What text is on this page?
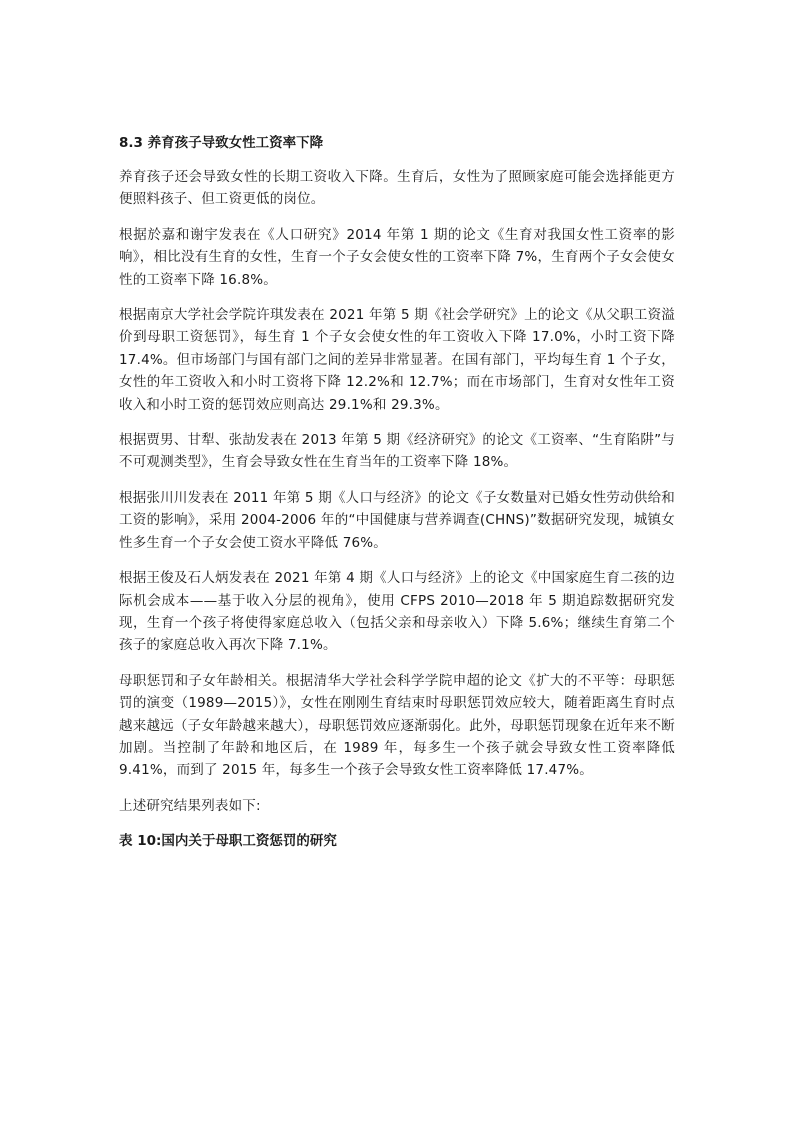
8.3 养育孩子导致女性工资率下降

养育孩子还会导致女性的长期工资收入下降。生育后，女性为了照顾家庭可能会选择能更方便照料孩子、但工资更低的岗位。

根据於嘉和谢宇发表在《人口研究》2014 年第 1 期的论文《生育对我国女性工资率的影响》，相比没有生育的女性，生育一个子女会使女性的工资率下降 7%，生育两个子女会使女性的工资率下降 16.8%。

根据南京大学社会学院许琪发表在 2021 年第 5 期《社会学研究》上的论文《从父职工资溢价到母职工资惩罚》，每生育 1 个子女会使女性的年工资收入下降 17.0%，小时工资下降 17.4%。但市场部门与国有部门之间的差异非常显著。在国有部门，平均每生育 1 个子女，女性的年工资收入和小时工资将下降 12.2%和 12.7%；而在市场部门，生育对女性年工资收入和小时工资的惩罚效应则高达 29.1%和 29.3%。

根据贾男、甘犁、张劼发表在 2013 年第 5 期《经济研究》的论文《工资率、“生育陷阱”与不可观测类型》，生育会导致女性在生育当年的工资率下降 18%。

根据张川川发表在 2011 年第 5 期《人口与经济》的论文《子女数量对已婚女性劳动供给和工资的影响》，采用 2004-2006 年的“中国健康与营养调查(CHNS)”数据研究发现，城镇女性多生育一个子女会使工资水平降低 76%。

根据王俊及石人炳发表在 2021 年第 4 期《人口与经济》上的论文《中国家庭生育二孩的边际机会成本——基于收入分层的视角》，使用 CFPS 2010—2018 年 5 期追踪数据研究发现，生育一个孩子将使得家庭总收入（包括父亲和母亲收入）下降 5.6%；继续生育第二个孩子的家庭总收入再次下降 7.1%。

母职惩罚和子女年龄相关。根据清华大学社会科学学院申超的论文《扩大的不平等：母职惩罚的演变（1989—2015）》，女性在刚刚生育结束时母职惩罚效应较大，随着距离生育时点越来越远（子女年龄越来越大），母职惩罚效应逐渐弱化。此外，母职惩罚现象在近年来不断加剧。当控制了年龄和地区后，在 1989 年，每多生一个孩子就会导致女性工资率降低 9.41%，而到了 2015 年，每多生一个孩子会导致女性工资率降低 17.47%。

上述研究结果列表如下:

表 10:国内关于母职工资惩罚的研究
